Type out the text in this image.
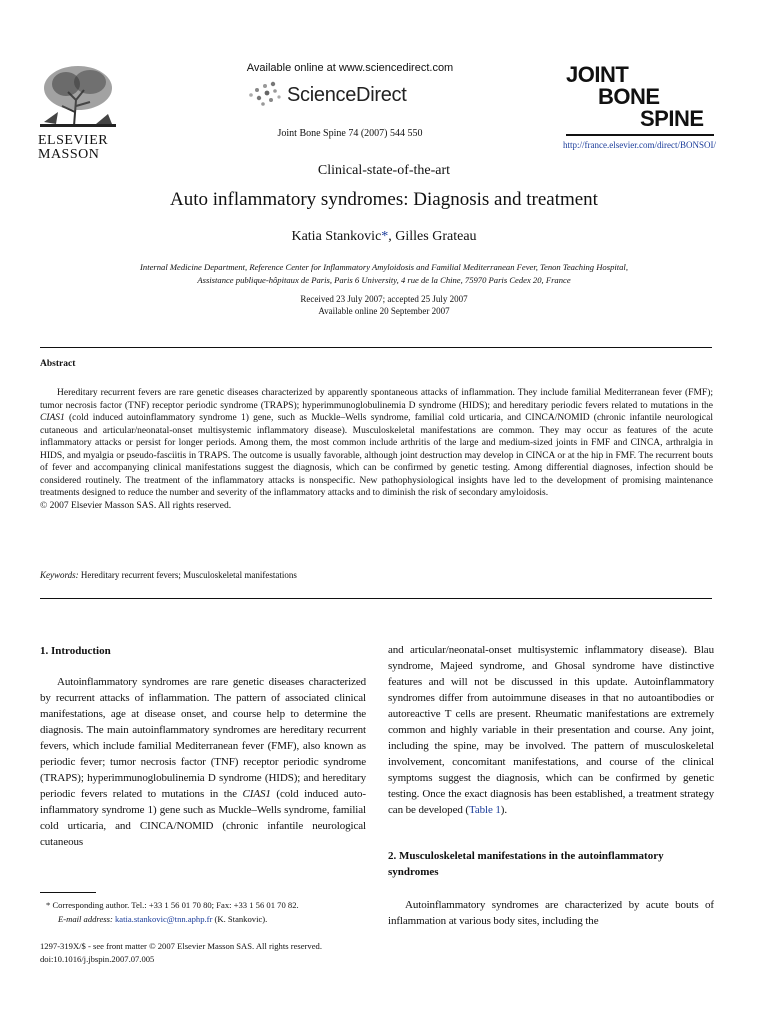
ELSEVIER
MASSON
Available online at www.sciencedirect.com
ScienceDirect
Joint Bone Spine 74 (2007) 544 550
JOINT
BONE
SPINE
http://france.elsevier.com/direct/BONSOI/
Clinical-state-of-the-art
Auto inflammatory syndromes: Diagnosis and treatment
Katia Stankovic*, Gilles Grateau
Internal Medicine Department, Reference Center for Inflammatory Amyloidosis and Familial Mediterranean Fever, Tenon Teaching Hospital,
Assistance publique-hôpitaux de Paris, Paris 6 University, 4 rue de la Chine, 75970 Paris Cedex 20, France
Received 23 July 2007; accepted 25 July 2007
Available online 20 September 2007
Abstract

Hereditary recurrent fevers are rare genetic diseases characterized by apparently spontaneous attacks of inflammation. They include familial Mediterranean fever (FMF); tumor necrosis factor (TNF) receptor periodic syndrome (TRAPS); hyperimmunoglobulinemia D syndrome (HIDS); and hereditary periodic fevers related to mutations in the CIAS1 (cold induced autoinflammatory syndrome 1) gene, such as Muckle–Wells syndrome, familial cold urticaria, and CINCA/NOMID (chronic infantile neurological cutaneous and articular/neonatal-onset multisystemic inflammatory disease). Musculoskeletal manifestations are common. They may occur as features of the acute inflammatory attacks or persist for longer periods. Among them, the most common include arthritis of the large and medium-sized joints in FMF and CINCA, arthralgia in HIDS, and myalgia or pseudo-fasciitis in TRAPS. The outcome is usually favorable, although joint destruction may develop in CINCA or at the hip in FMF. The recurrent bouts of fever and accompanying clinical manifestations suggest the diagnosis, which can be confirmed by genetic testing. Among differential diagnoses, infection should be considered routinely. The treatment of the inflammatory attacks is nonspecific. New pathophysiological insights have led to the development of promising maintenance treatments designed to reduce the number and severity of the inflammatory attacks and to diminish the risk of secondary amyloidosis.

© 2007 Elsevier Masson SAS. All rights reserved.

Keywords: Hereditary recurrent fevers; Musculoskeletal manifestations
1. Introduction

Autoinflammatory syndromes are rare genetic diseases characterized by recurrent attacks of inflammation. The pattern of associated clinical manifestations, age at disease onset, and course help to determine the diagnosis. The main autoinflammatory syndromes are hereditary recurrent fevers, which include familial Mediterranean fever (FMF), also known as periodic fever; tumor necrosis factor (TNF) receptor periodic syndrome (TRAPS); hyperimmunoglobulinemia D syndrome (HIDS); and hereditary periodic fevers related to mutations in the CIAS1 (cold induced auto-inflammatory syndrome 1) gene such as Muckle–Wells syndrome, familial cold urticaria, and CINCA/NOMID (chronic infantile neurological cutaneous

* Corresponding author. Tel.: +33 1 56 01 70 80; Fax: +33 1 56 01 70 82.
E-mail address: katia.stankovic@tnn.aphp.fr (K. Stankovic).
1297-319X/$ - see front matter © 2007 Elsevier Masson SAS. All rights reserved.
doi:10.1016/j.jbspin.2007.07.005

and articular/neonatal-onset multisystemic inflammatory disease). Blau syndrome, Majeed syndrome, and Ghosal syndrome have distinctive features and will not be discussed in this update. Autoinflammatory syndromes differ from autoimmune diseases in that no autoantibodies or autoreactive T cells are present. Rheumatic manifestations are extremely common and highly variable in their presentation and course. Any joint, including the spine, may be involved. The pattern of musculoskeletal involvement, concomitant manifestations, and course of the clinical symptoms suggest the diagnosis, which can be confirmed by genetic testing. Once the exact diagnosis has been established, a treatment strategy can be developed (Table 1).

2. Musculoskeletal manifestations in the autoinflammatory syndromes

Autoinflammatory syndromes are characterized by acute bouts of inflammation at various body sites, including the
